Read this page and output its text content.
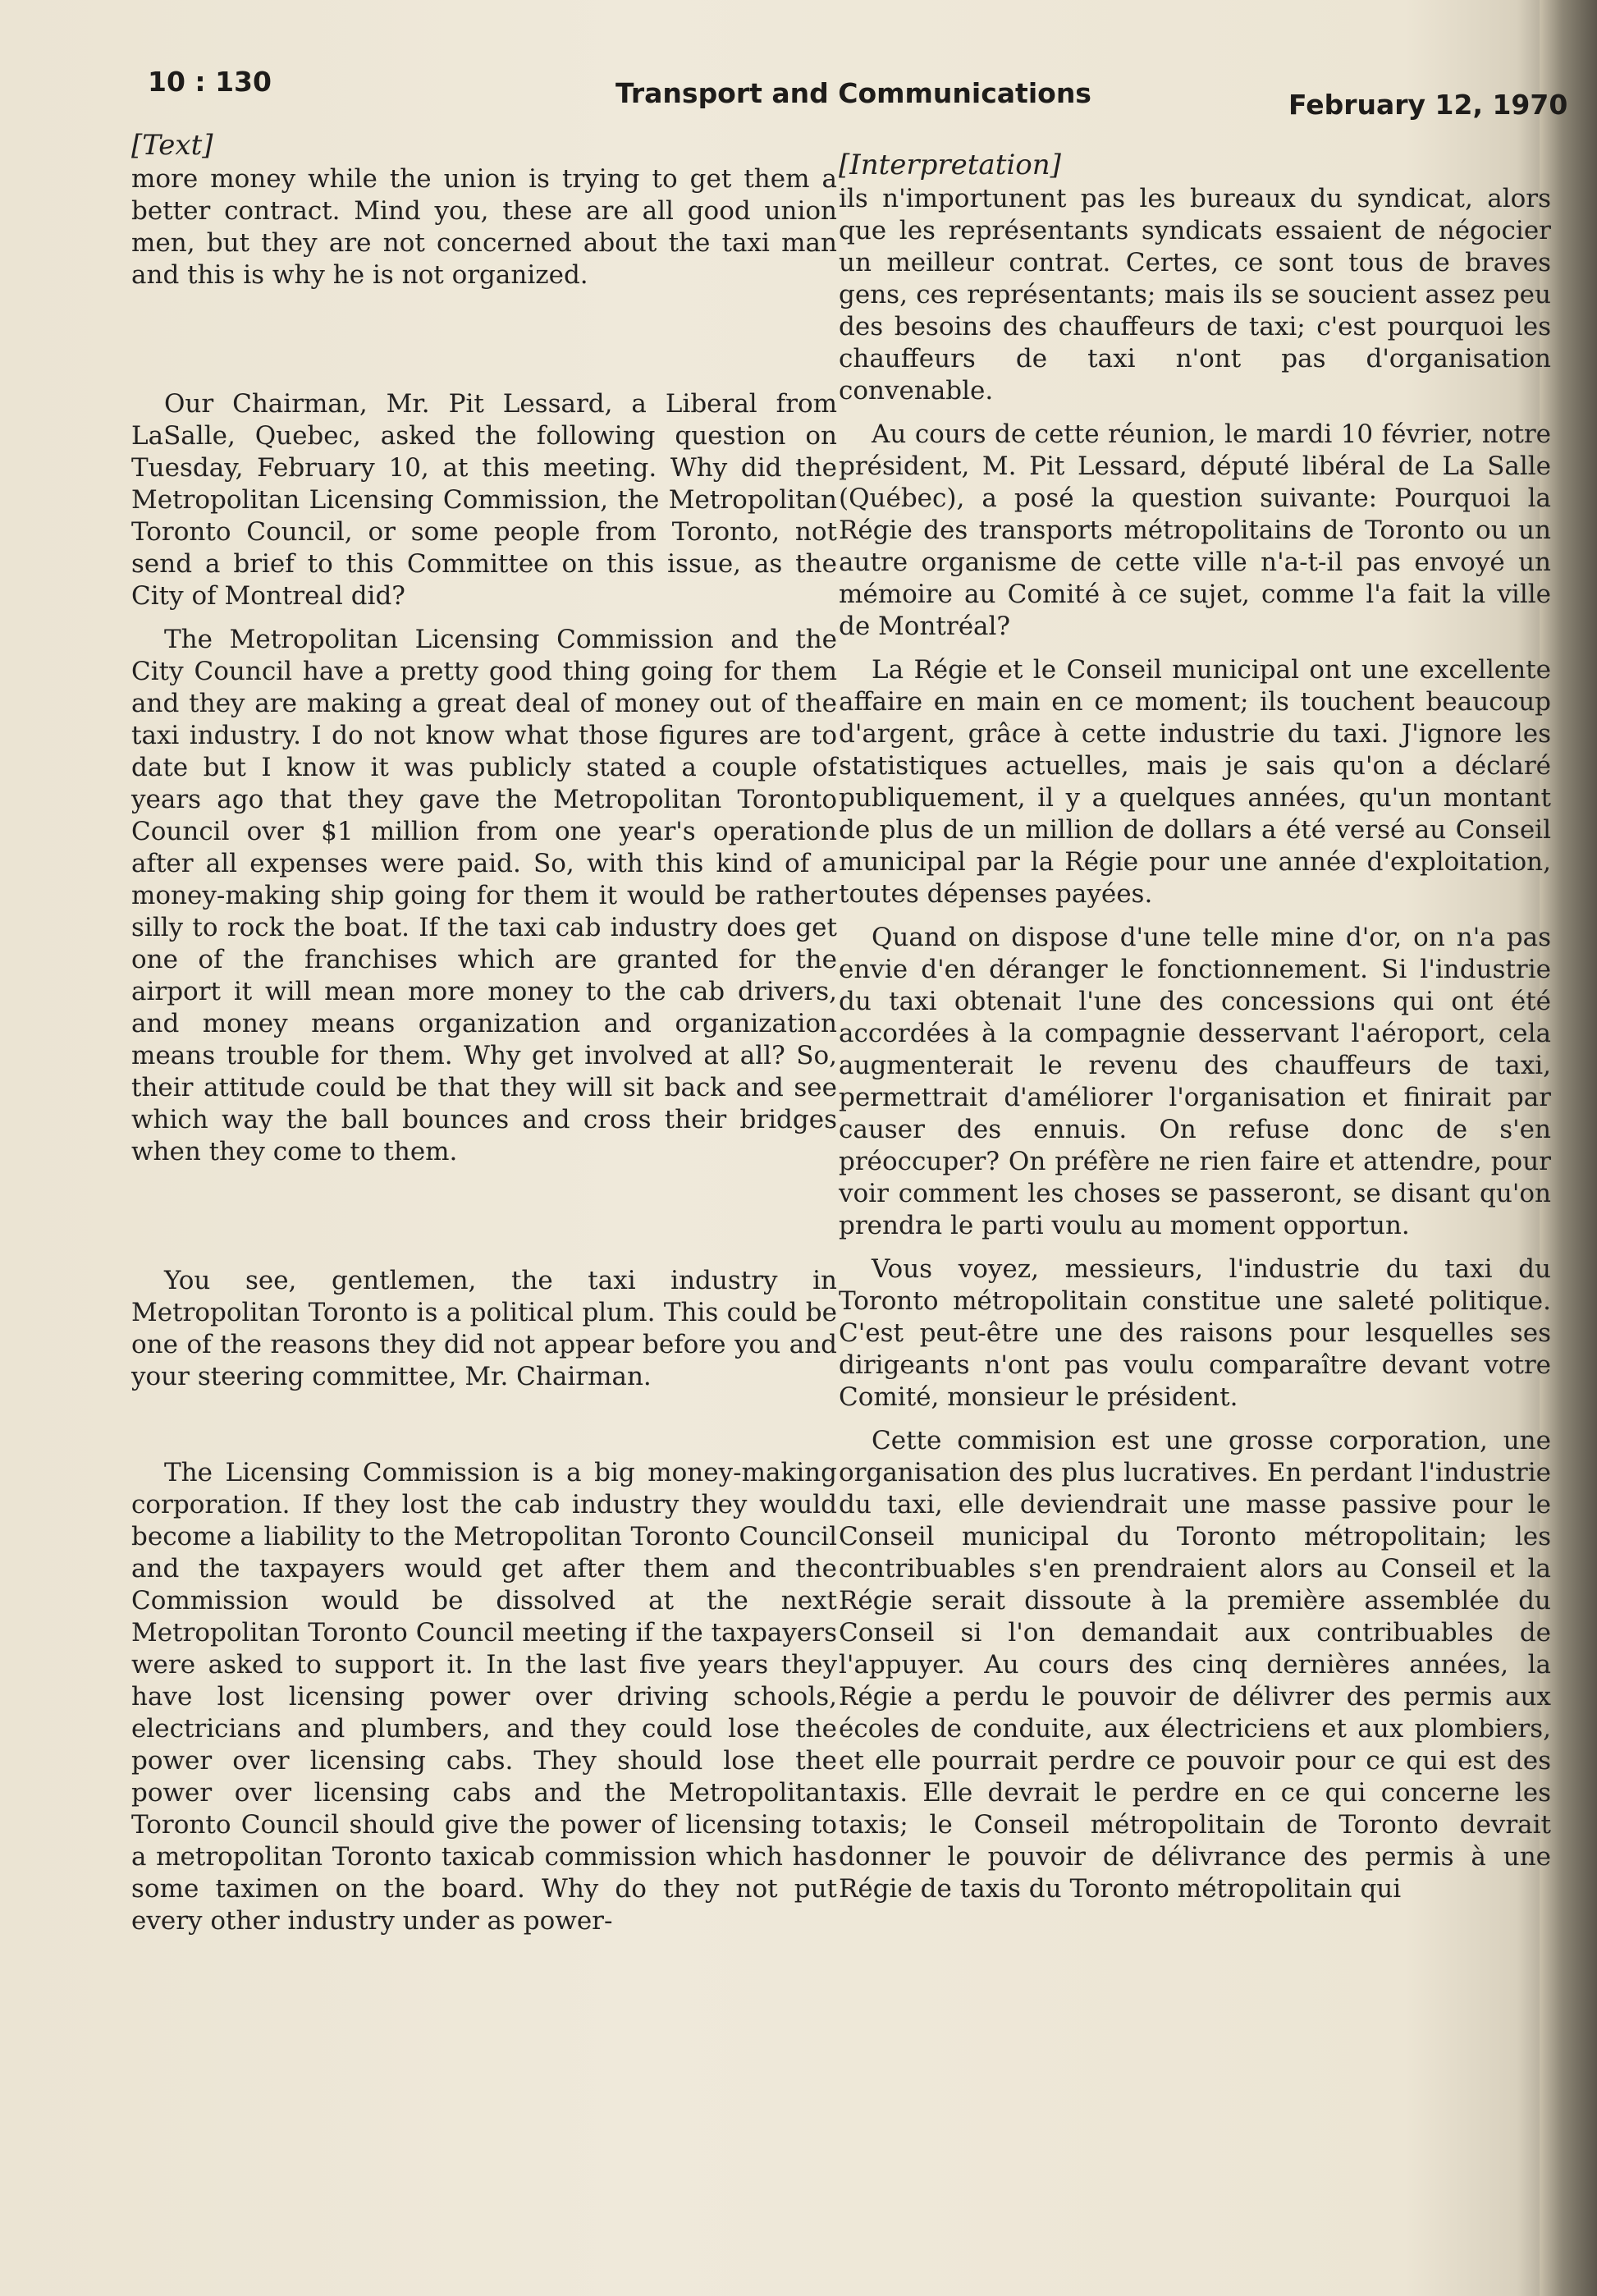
10 : 130	Transport and Communications	February 12, 1970
[Text]

more money while the union is trying to get them a better contract. Mind you, these are all good union men, but they are not concerned about the taxi man and this is why he is not organized.

Our Chairman, Mr. Pit Lessard, a Liberal from LaSalle, Quebec, asked the following question on Tuesday, February 10, at this meeting. Why did the Metropolitan Licensing Commission, the Metropolitan Toronto Council, or some people from Toronto, not send a brief to this Committee on this issue, as the City of Montreal did?

The Metropolitan Licensing Commission and the City Council have a pretty good thing going for them and they are making a great deal of money out of the taxi industry. I do not know what those figures are to date but I know it was publicly stated a couple of years ago that they gave the Metropolitan Toronto Council over $1 million from one year's operation after all expenses were paid. So, with this kind of a money-making ship going for them it would be rather silly to rock the boat. If the taxi cab industry does get one of the franchises which are granted for the airport it will mean more money to the cab drivers, and money means organization and organization means trouble for them. Why get involved at all? So, their attitude could be that they will sit back and see which way the ball bounces and cross their bridges when they come to them.

You see, gentlemen, the taxi industry in Metropolitan Toronto is a political plum. This could be one of the reasons they did not appear before you and your steering committee, Mr. Chairman.

The Licensing Commission is a big money-making corporation. If they lost the cab industry they would become a liability to the Metropolitan Toronto Council and the taxpayers would get after them and the Commission would be dissolved at the next Metropolitan Toronto Council meeting if the taxpayers were asked to support it. In the last five years they have lost licensing power over driving schools, electricians and plumbers, and they could lose the power over licensing cabs. They should lose the power over licensing cabs and the Metropolitan Toronto Council should give the power of licensing to a metropolitan Toronto taxicab commission which has some taximen on the board. Why do they not put every other industry under as power-

[Interpretation]

ils n'importunent pas les bureaux du syndicat, alors que les représentants syndicats essaient de négocier un meilleur contrat. Certes, ce sont tous de braves gens, ces représentants; mais ils se soucient assez peu des besoins des chauffeurs de taxi; c'est pourquoi les chauffeurs de taxi n'ont pas d'organisation convenable.

Au cours de cette réunion, le mardi 10 février, notre président, M. Pit Lessard, député libéral de La Salle (Québec), a posé la question suivante: Pourquoi la Régie des transports métropolitains de Toronto ou un autre organisme de cette ville n'a-t-il pas envoyé un mémoire au Comité à ce sujet, comme l'a fait la ville de Montréal?

La Régie et le Conseil municipal ont une excellente affaire en main en ce moment; ils touchent beaucoup d'argent, grâce à cette industrie du taxi. J'ignore les statistiques actuelles, mais je sais qu'on a déclaré publiquement, il y a quelques années, qu'un montant de plus de un million de dollars a été versé au Conseil municipal par la Régie pour une année d'exploitation, toutes dépenses payées.

Quand on dispose d'une telle mine d'or, on n'a pas envie d'en déranger le fonctionnement. Si l'industrie du taxi obtenait l'une des concessions qui ont été accordées à la compagnie desservant l'aéroport, cela augmenterait le revenu des chauffeurs de taxi, permettrait d'améliorer l'organisation et finirait par causer des ennuis. On refuse donc de s'en préoccuper? On préfère ne rien faire et attendre, pour voir comment les choses se passeront, se disant qu'on prendra le parti voulu au moment opportun.

Vous voyez, messieurs, l'industrie du taxi du Toronto métropolitain constitue une saleté politique. C'est peut-être une des raisons pour lesquelles ses dirigeants n'ont pas voulu comparaître devant votre Comité, monsieur le président.

Cette commision est une grosse corporation, une organisation des plus lucratives. En perdant l'industrie du taxi, elle deviendrait une masse passive pour le Conseil municipal du Toronto métropolitain; les contribuables s'en prendraient alors au Conseil et la Régie serait dissoute à la première assemblée du Conseil si l'on demandait aux contribuables de l'appuyer. Au cours des cinq dernières années, la Régie a perdu le pouvoir de délivrer des permis aux écoles de conduite, aux électriciens et aux plombiers, et elle pourrait perdre ce pouvoir pour ce qui est des taxis. Elle devrait le perdre en ce qui concerne les taxis; le Conseil métropolitain de Toronto devrait donner le pouvoir de délivrance des permis à une Régie de taxis du Toronto métropolitain qui
